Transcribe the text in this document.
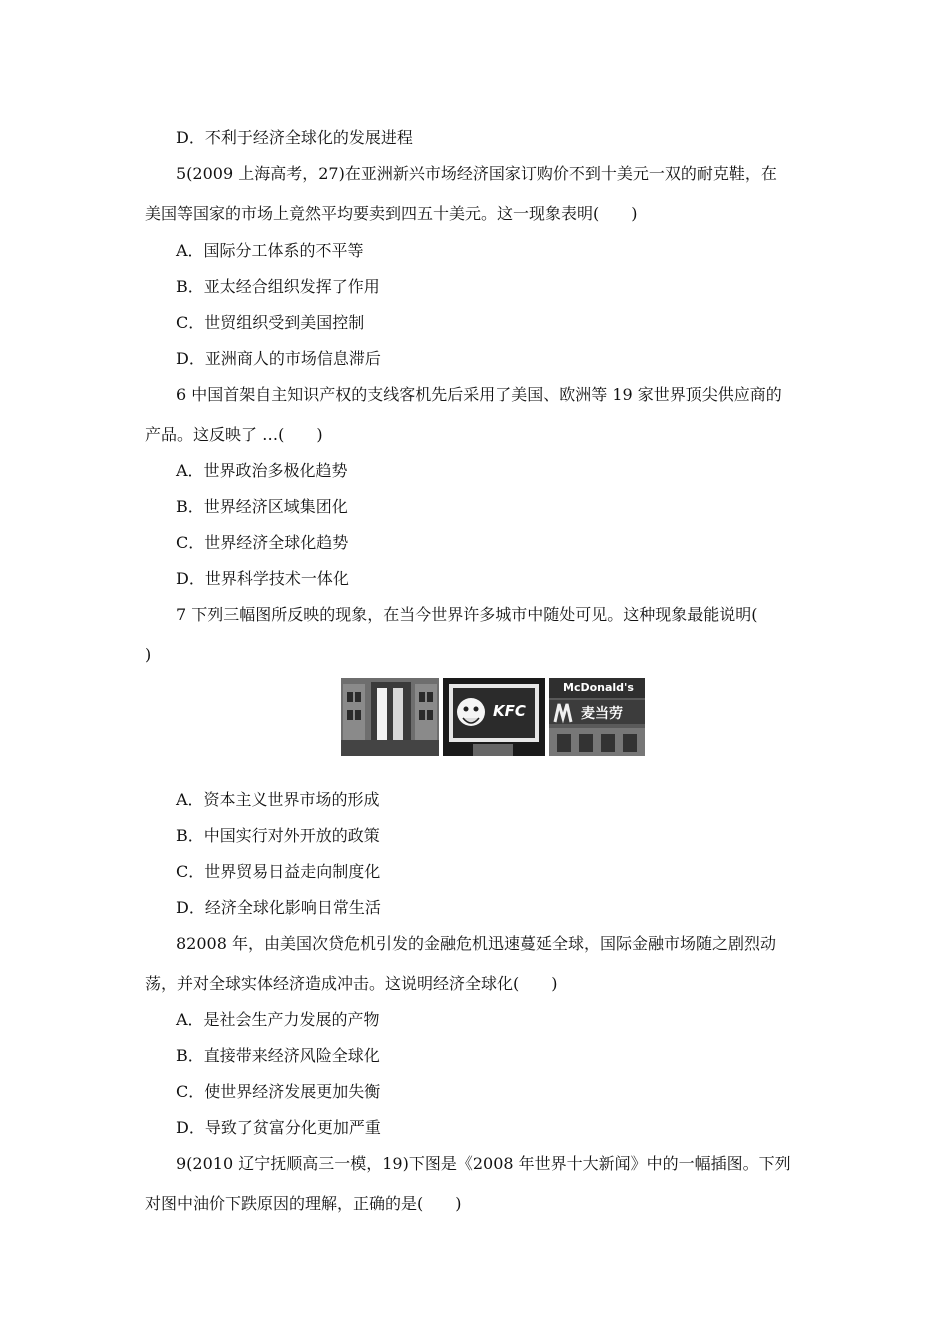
D．不利于经济全球化的发展进程
5(2009 上海高考，27)在亚洲新兴市场经济国家订购价不到十美元一双的耐克鞋，在
美国等国家的市场上竟然平均要卖到四五十美元。这一现象表明(　　)
A．国际分工体系的不平等
B．亚太经合组织发挥了作用
C．世贸组织受到美国控制
D．亚洲商人的市场信息滞后
6 中国首架自主知识产权的支线客机先后采用了美国、欧洲等 19 家世界顶尖供应商的
产品。这反映了 …(　　)
A．世界政治多极化趋势
B．世界经济区域集团化
C．世界经济全球化趋势
D．世界科学技术一体化
7 下列三幅图所反映的现象，在当今世界许多城市中随处可见。这种现象最能说明(
)
KFC
McDonald's
麦当劳
A．资本主义世界市场的形成
B．中国实行对外开放的政策
C．世界贸易日益走向制度化
D．经济全球化影响日常生活
82008 年，由美国次贷危机引发的金融危机迅速蔓延全球，国际金融市场随之剧烈动
荡，并对全球实体经济造成冲击。这说明经济全球化(　　)
A．是社会生产力发展的产物
B．直接带来经济风险全球化
C．使世界经济发展更加失衡
D．导致了贫富分化更加严重
9(2010 辽宁抚顺高三一模，19)下图是《2008 年世界十大新闻》中的一幅插图。下列
对图中油价下跌原因的理解，正确的是(　　)
